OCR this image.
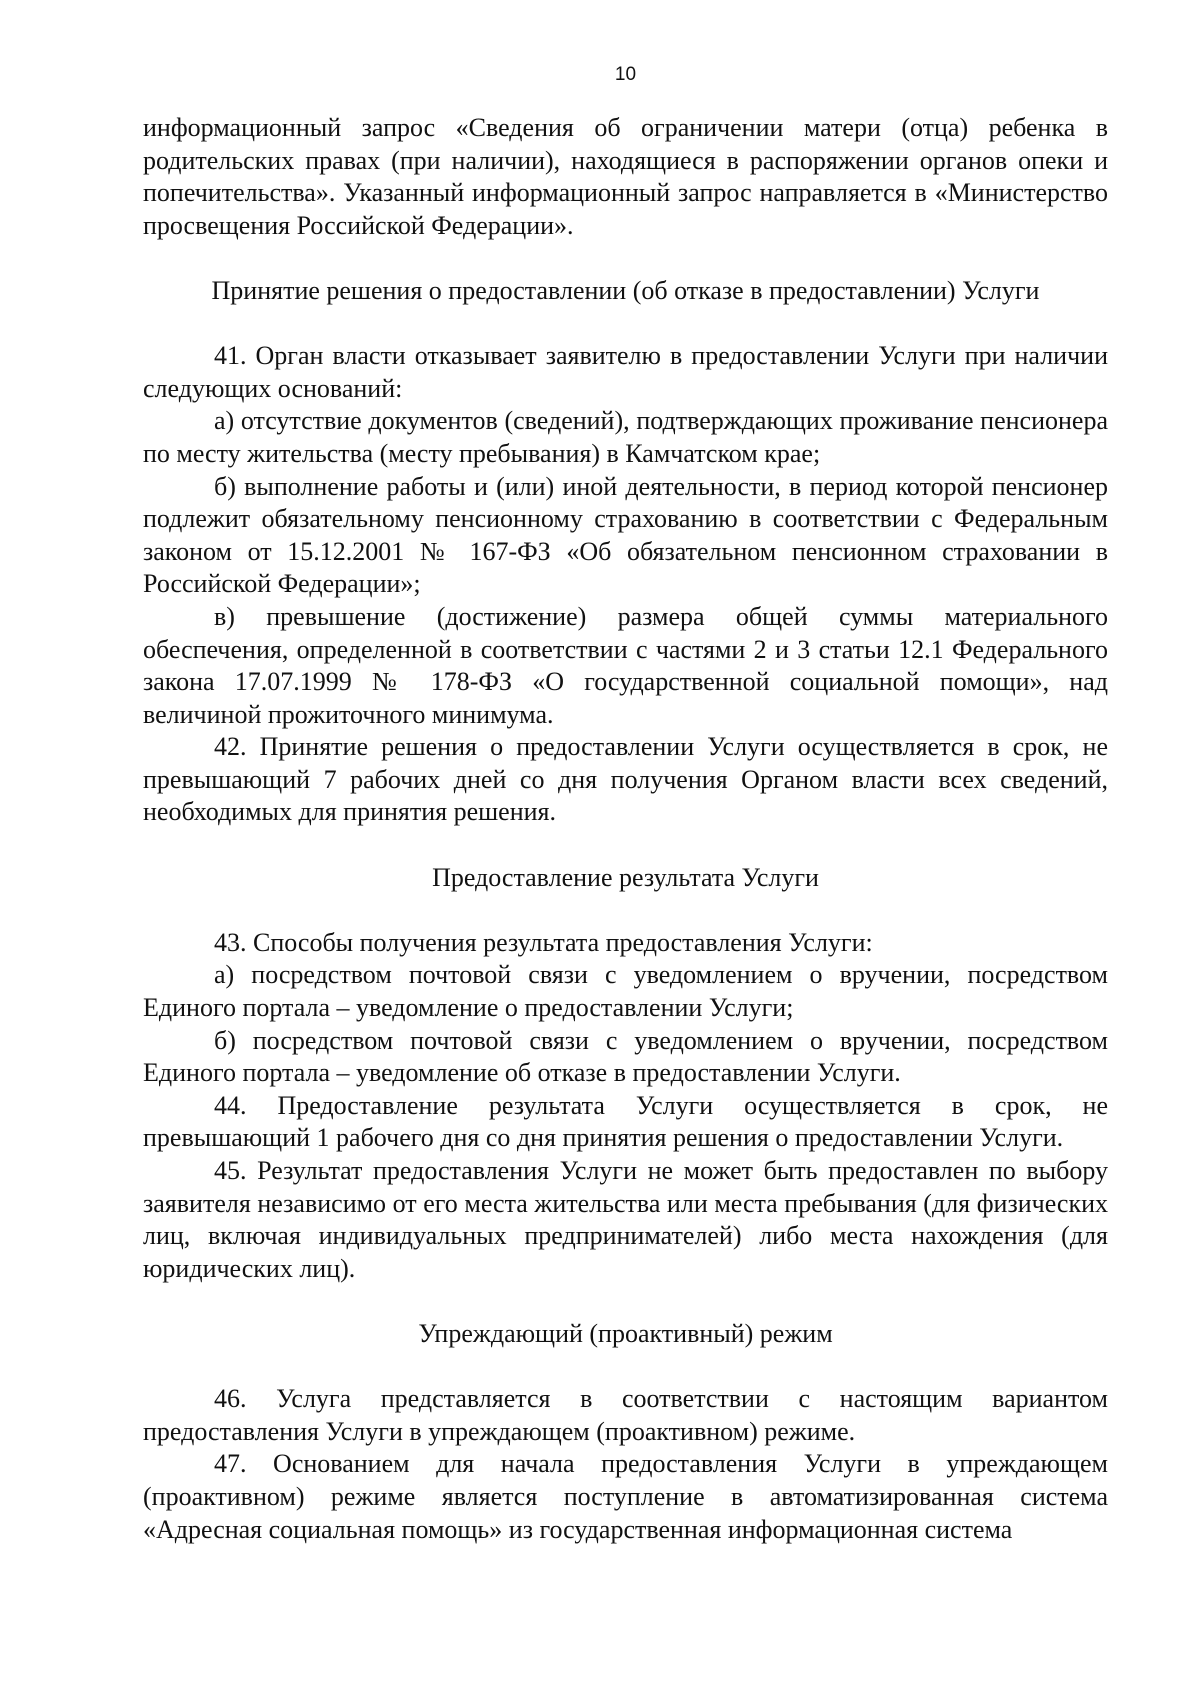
10

информационный запрос «Сведения об ограничении матери (отца) ребенка в родительских правах (при наличии), находящиеся в распоряжении органов опеки и попечительства». Указанный информационный запрос направляется в «Министерство просвещения Российской Федерации».

Принятие решения о предоставлении (об отказе в предоставлении) Услуги

41. Орган власти отказывает заявителю в предоставлении Услуги при наличии следующих оснований:

а) отсутствие документов (сведений), подтверждающих проживание пенсионера по месту жительства (месту пребывания) в Камчатском крае;

б) выполнение работы и (или) иной деятельности, в период которой пенсионер подлежит обязательному пенсионному страхованию в соответствии с Федеральным законом от 15.12.2001 № 167-ФЗ «Об обязательном пенсионном страховании в Российской Федерации»;

в) превышение (достижение) размера общей суммы материального обеспечения, определенной в соответствии с частями 2 и 3 статьи 12.1 Федерального закона 17.07.1999 № 178-ФЗ «О государственной социальной помощи», над величиной прожиточного минимума.

42. Принятие решения о предоставлении Услуги осуществляется в срок, не превышающий 7 рабочих дней со дня получения Органом власти всех сведений, необходимых для принятия решения.

Предоставление результата Услуги

43. Способы получения результата предоставления Услуги:

а) посредством почтовой связи с уведомлением о вручении, посредством Единого портала – уведомление о предоставлении Услуги;

б) посредством почтовой связи с уведомлением о вручении, посредством Единого портала – уведомление об отказе в предоставлении Услуги.

44. Предоставление результата Услуги осуществляется в срок, не превышающий 1 рабочего дня со дня принятия решения о предоставлении Услуги.

45. Результат предоставления Услуги не может быть предоставлен по выбору заявителя независимо от его места жительства или места пребывания (для физических лиц, включая индивидуальных предпринимателей) либо места нахождения (для юридических лиц).

Упреждающий (проактивный) режим

46. Услуга представляется в соответствии с настоящим вариантом предоставления Услуги в упреждающем (проактивном) режиме.

47. Основанием для начала предоставления Услуги в упреждающем (проактивном) режиме является поступление в автоматизированная система «Адресная социальная помощь» из государственная информационная система
